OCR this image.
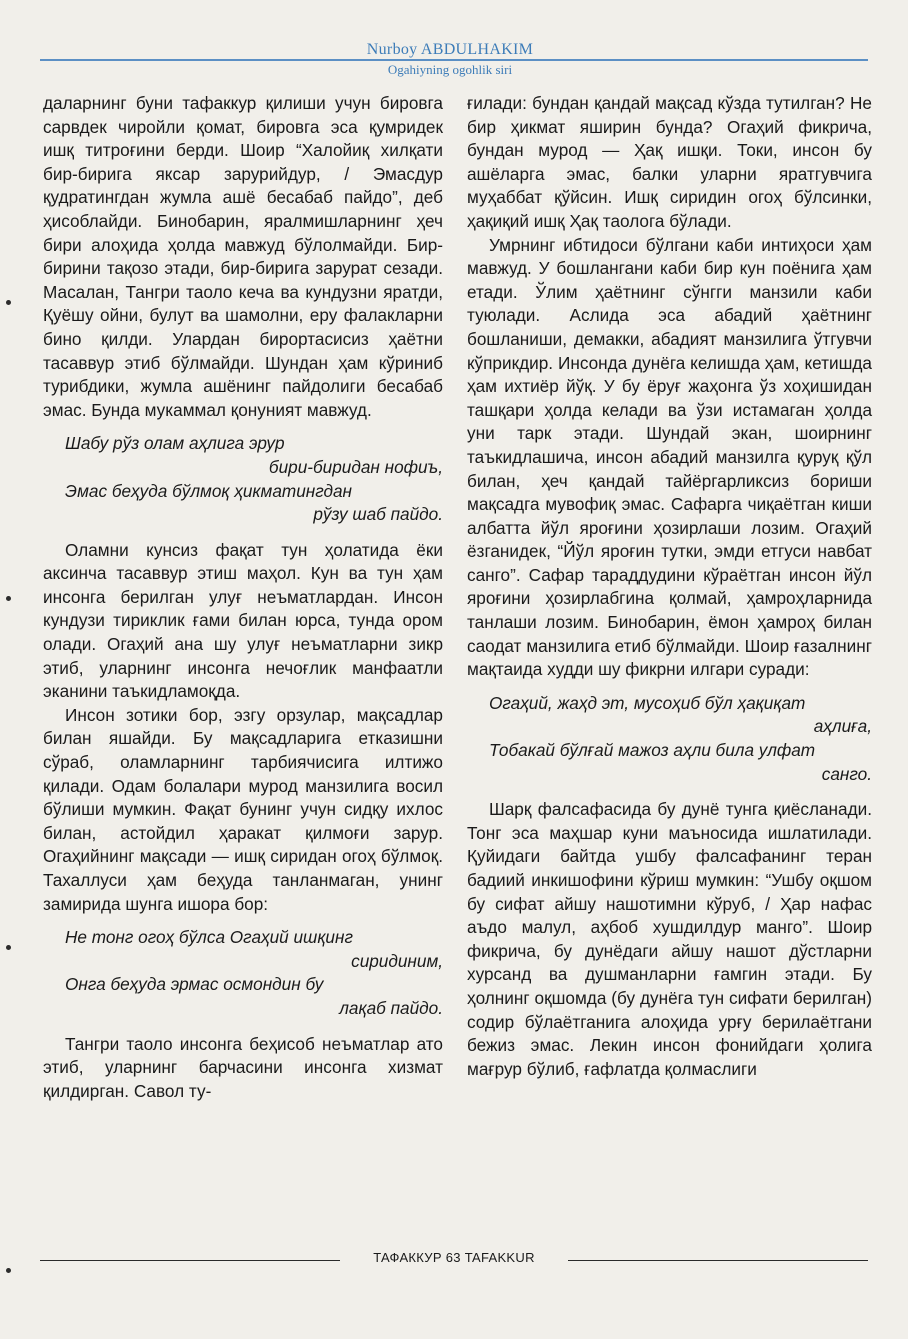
Nurboy ABDULHAKIM
Ogahiyning ogohlik siri

даларнинг буни тафаккур қилиши учун бировга сарвдек чиройли қомат, бировга эса қумридек ишқ титроғини берди. Шоир “Халойиқ хилқати бир-бирига яксар зарурийдур, / Эмасдур қудратингдан жумла ашё бесабаб пайдо”, деб ҳисоблайди. Бинобарин, яралмишларнинг ҳеч бири алоҳида ҳолда мавжуд бўлолмайди. Бир-бирини тақозо этади, бир-бирига зарурат сезади. Масалан, Тангри таоло кеча ва кундузни яратди, Қуёшу ойни, булут ва шамолни, еру фалакларни бино қилди. Улардан бирортасисиз ҳаётни тасаввур этиб бўлмайди. Шундан ҳам кўриниб турибдики, жумла ашёнинг пайдолиги бесабаб эмас. Бунда мукаммал қонуният мавжуд.

Шабу рўз олам аҳлига эрур
бири-биридан нофиъ,
Эмас беҳуда бўлмоқ ҳикматингдан
рўзу шаб пайдо.

Оламни кунсиз фақат тун ҳолатида ёки аксинча тасаввур этиш маҳол. Кун ва тун ҳам инсонга берилган улуғ неъматлардан. Инсон кундузи тириклик ғами билан юрса, тунда ором олади. Огаҳий ана шу улуғ неъматларни зикр этиб, уларнинг инсонга нечоғлик манфаатли эканини таъкидламоқда.

Инсон зотики бор, эзгу орзулар, мақсадлар билан яшайди. Бу мақсадларига етказишни сўраб, оламларнинг тарбиячисига илтижо қилади. Одам болалари мурод манзилига восил бўлиши мумкин. Фақат бунинг учун сидқу ихлос билан, астойдил ҳаракат қилмоғи зарур. Огаҳийнинг мақсади — ишқ сиридан огоҳ бўлмоқ. Тахаллуси ҳам беҳуда танланмаган, унинг замирида шунга ишора бор:

Не тонг огоҳ бўлса Огаҳий ишқинг
сиридиним,
Онга беҳуда эрмас осмондин бу
лақаб пайдо.

Тангри таоло инсонга беҳисоб неъматлар ато этиб, уларнинг барчасини инсонга хизмат қилдирган. Савол ту-

ғилади: бундан қандай мақсад кўзда тутилган? Не бир ҳикмат яширин бунда? Огаҳий фикрича, бундан мурод — Ҳақ ишқи. Токи, инсон бу ашёларга эмас, балки уларни яратгувчига муҳаббат қўйсин. Ишқ сиридин огоҳ бўлсинки, ҳақиқий ишқ Ҳақ таолога бўлади.

Умрнинг ибтидоси бўлгани каби интиҳоси ҳам мавжуд. У бошлангани каби бир кун поёнига ҳам етади. Ўлим ҳаётнинг сўнгги манзили каби туюлади. Аслида эса абадий ҳаётнинг бошланиши, демакки, абадият манзилига ўтгувчи кўприкдир. Инсонда дунёга келишда ҳам, кетишда ҳам ихтиёр йўқ. У бу ёруғ жаҳонга ўз хоҳишидан ташқари ҳолда келади ва ўзи истамаган ҳолда уни тарк этади. Шундай экан, шоирнинг таъкидлашича, инсон абадий манзилга қуруқ қўл билан, ҳеч қандай тайёргарликсиз бориши мақсадга мувофиқ эмас. Сафарга чиқаётган киши албатта йўл яроғини ҳозирлаши лозим. Огаҳий ёзганидек, “Йўл яроғин тутки, эмди етгуси навбат санго”. Сафар тараддудини кўраётган инсон йўл яроғини ҳозирлабгина қолмай, ҳамроҳларнида танлаши лозим. Бинобарин, ёмон ҳамроҳ билан саодат манзилига етиб бўлмайди. Шоир ғазалнинг мақтаида худди шу фикрни илгари суради:

Огаҳий, жаҳд эт, мусоҳиб бўл ҳақиқат
аҳлиға,
Тобакай бўлғай мажоз аҳли била улфат
санго.

Шарқ фалсафасида бу дунё тунга қиёсланади. Тонг эса маҳшар куни маъносида ишлатилади. Қуйидаги байтда ушбу фалсафанинг теран бадиий инкишофини кўриш мумкин: “Ушбу оқшом бу сифат айшу нашотимни кўруб, / Ҳар нафас аъдо малул, аҳбоб хушдилдур манго”. Шоир фикрича, бу дунёдаги айшу нашот дўстларни хурсанд ва душманларни ғамгин этади. Бу ҳолнинг оқшомда (бу дунёга тун сифати берилган) содир бўлаётганига алоҳида урғу берилаётгани бежиз эмас. Лекин инсон фонийдаги ҳолига мағрур бўлиб, ғафлатда қолмаслиги

ТАФАККУР 63 TAFAKKUR
